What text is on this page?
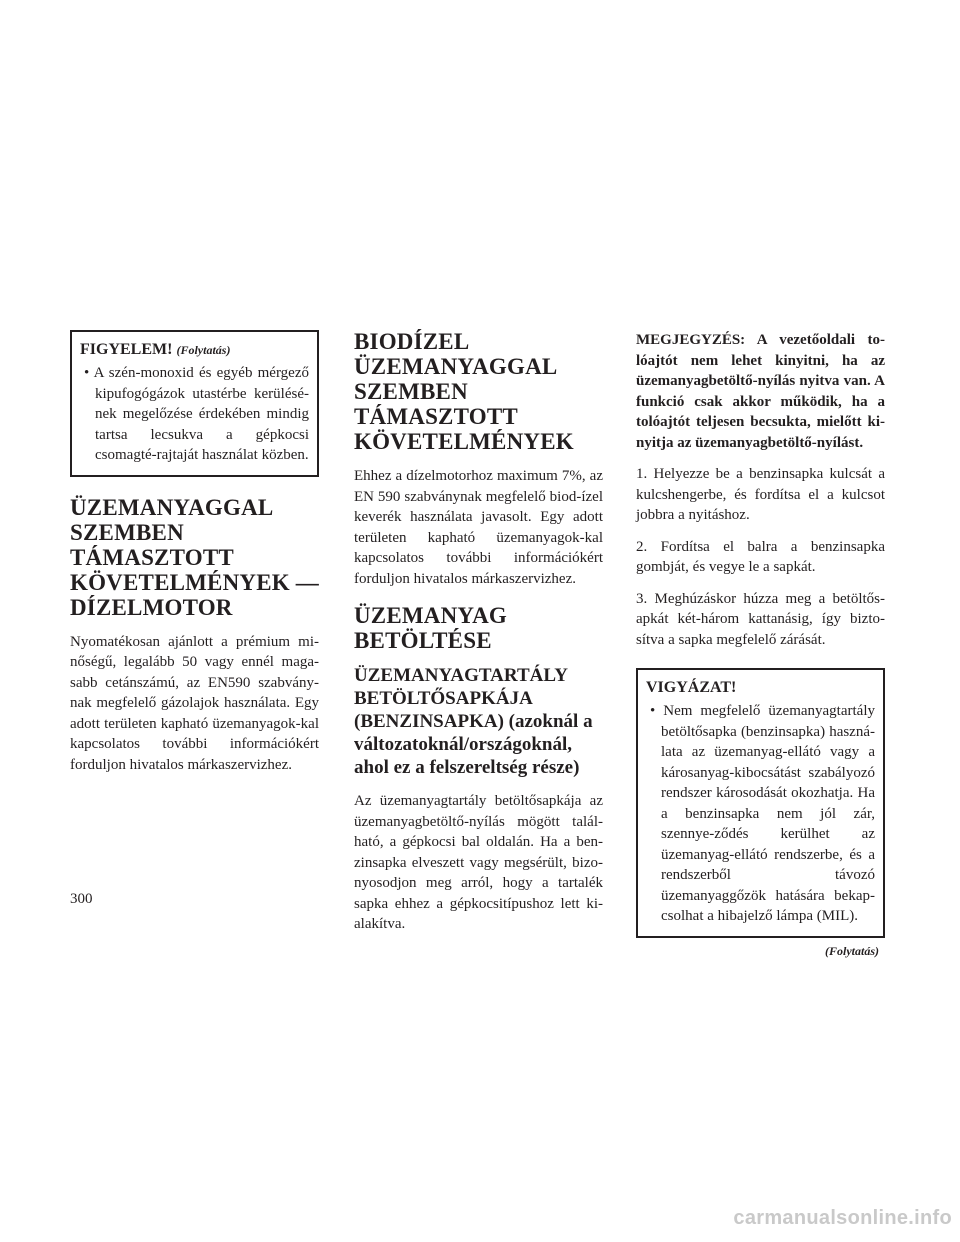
FIGYELEM! (Folytatás)
• A szén-monoxid és egyéb mérgező kipufogógázok utastérbe kerülésé-nek megelőzése érdekében mindig tartsa lecsukva a gépkocsi csomagté-rajtaját használat közben.
ÜZEMANYAGGAL SZEMBEN TÁMASZTOTT KÖVETELMÉNYEK — DÍZELMOTOR

Nyomatékosan ajánlott a prémium mi-nőségű, legalább 50 vagy ennél maga-sabb cetánszámú, az EN590 szabvány-nak megfelelő gázolajok használata. Egy adott területen kapható üzemanyagok-kal kapcsolatos további információkért forduljon hivatalos márkaszervizhez.

BIODÍZEL ÜZEMANYAGGAL SZEMBEN TÁMASZTOTT KÖVETELMÉNYEK

Ehhez a dízelmotorhoz maximum 7%, az EN 590 szabványnak megfelelő biod-ízel keverék használata javasolt. Egy adott területen kapható üzemanyagok-kal kapcsolatos további információkért forduljon hivatalos márkaszervizhez.

ÜZEMANYAG BETÖLTÉSE
ÜZEMANYAGTARTÁLY BETÖLTŐSAPKÁJA (BENZINSAPKA) (azoknál a változatoknál/országoknál, ahol ez a felszereltség része)

Az üzemanyagtartály betöltősapkája az üzemanyagbetöltő-nyílás mögött talál-ható, a gépkocsi bal oldalán. Ha a ben-zinsapka elveszett vagy megsérült, bizo-nyosodjon meg arról, hogy a tartalék sapka ehhez a gépkocsitípushoz lett ki-alakítva.

MEGJEGYZÉS: A vezetőoldali to-lóajtót nem lehet kinyitni, ha az üzemanyagbetöltő-nyílás nyitva van. A funkció csak akkor működik, ha a tolóajtót teljesen becsukta, mielőtt ki-nyitja az üzemanyagbetöltő-nyílást.

1. Helyezze be a benzinsapka kulcsát a kulcshengerbe, és fordítsa el a kulcsot jobbra a nyitáshoz.

2. Fordítsa el balra a benzinsapka gombját, és vegye le a sapkát.

3. Meghúzáskor húzza meg a betöltős-apkát két-három kattanásig, így bizto-sítva a sapka megfelelő zárását.

VIGYÁZAT!
• Nem megfelelő üzemanyagtartály betöltősapka (benzinsapka) haszná-lata az üzemanyag-ellátó vagy a károsanyag-kibocsátást szabályozó rendszer károsodását okozhatja. Ha a benzinsapka nem jól zár, szennye-ződés kerülhet az üzemanyag-ellátó rendszerbe, és a rendszerből távozó üzemanyaggőzök hatására bekap-csolhat a hibajelző lámpa (MIL).
(Folytatás)
300
carmanualsonline.info
